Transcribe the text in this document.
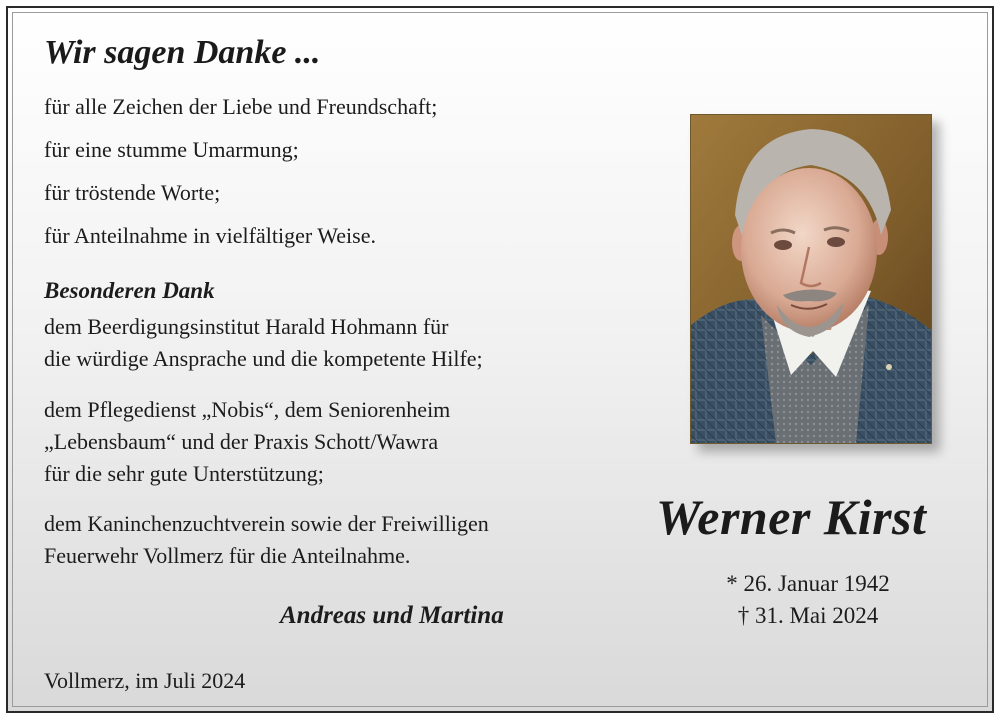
Wir sagen Danke ...
für alle Zeichen der Liebe und Freundschaft;
für eine stumme Umarmung;
für tröstende Worte;
für Anteilnahme in vielfältiger Weise.
Besonderen Dank
dem Beerdigungsinstitut Harald Hohmann für
die würdige Ansprache und die kompetente Hilfe;
dem Pflegedienst „Nobis“, dem Seniorenheim
„Lebensbaum“ und der Praxis Schott/Wawra
für die sehr gute Unterstützung;
dem Kaninchenzuchtverein sowie der Freiwilligen
Feuerwehr Vollmerz für die Anteilnahme.
Andreas und Martina
Vollmerz, im Juli 2024
Werner Kirst
* 26. Januar 1942
† 31. Mai 2024
